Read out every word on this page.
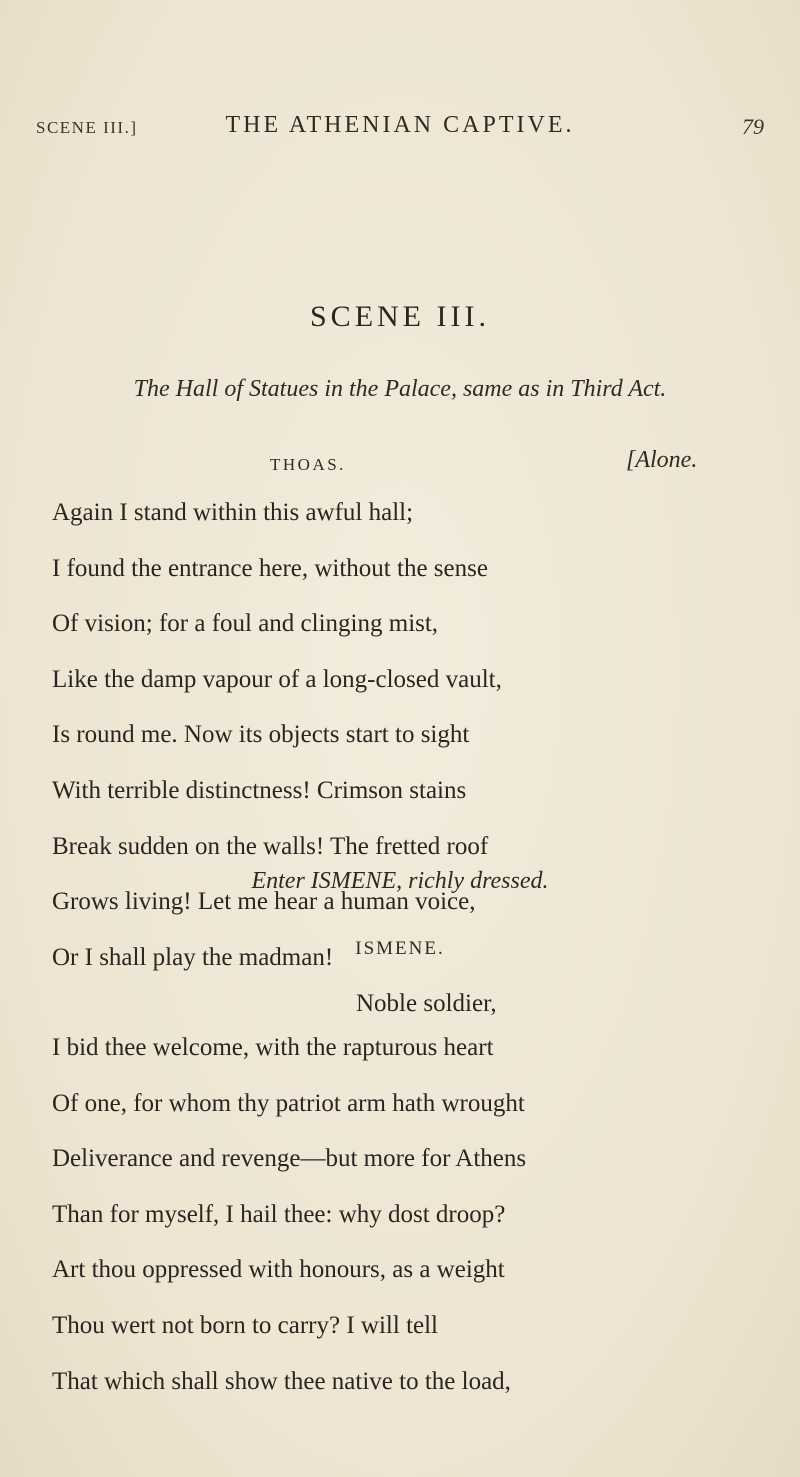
SCENE III.]	THE ATHENIAN CAPTIVE.	79
SCENE III.
The Hall of Statues in the Palace, same as in Third Act.
THOAS.	[Alone.
Again I stand within this awful hall;
I found the entrance here, without the sense
Of vision; for a foul and clinging mist,
Like the damp vapour of a long-closed vault,
Is round me. Now its objects start to sight
With terrible distinctness! Crimson stains
Break sudden on the walls! The fretted roof
Grows living! Let me hear a human voice,
Or I shall play the madman!
Enter ISMENE, richly dressed.
ISMENE.
Noble soldier,
I bid thee welcome, with the rapturous heart
Of one, for whom thy patriot arm hath wrought
Deliverance and revenge—but more for Athens
Than for myself, I hail thee: why dost droop?
Art thou oppressed with honours, as a weight
Thou wert not born to carry? I will tell
That which shall show thee native to the load,
